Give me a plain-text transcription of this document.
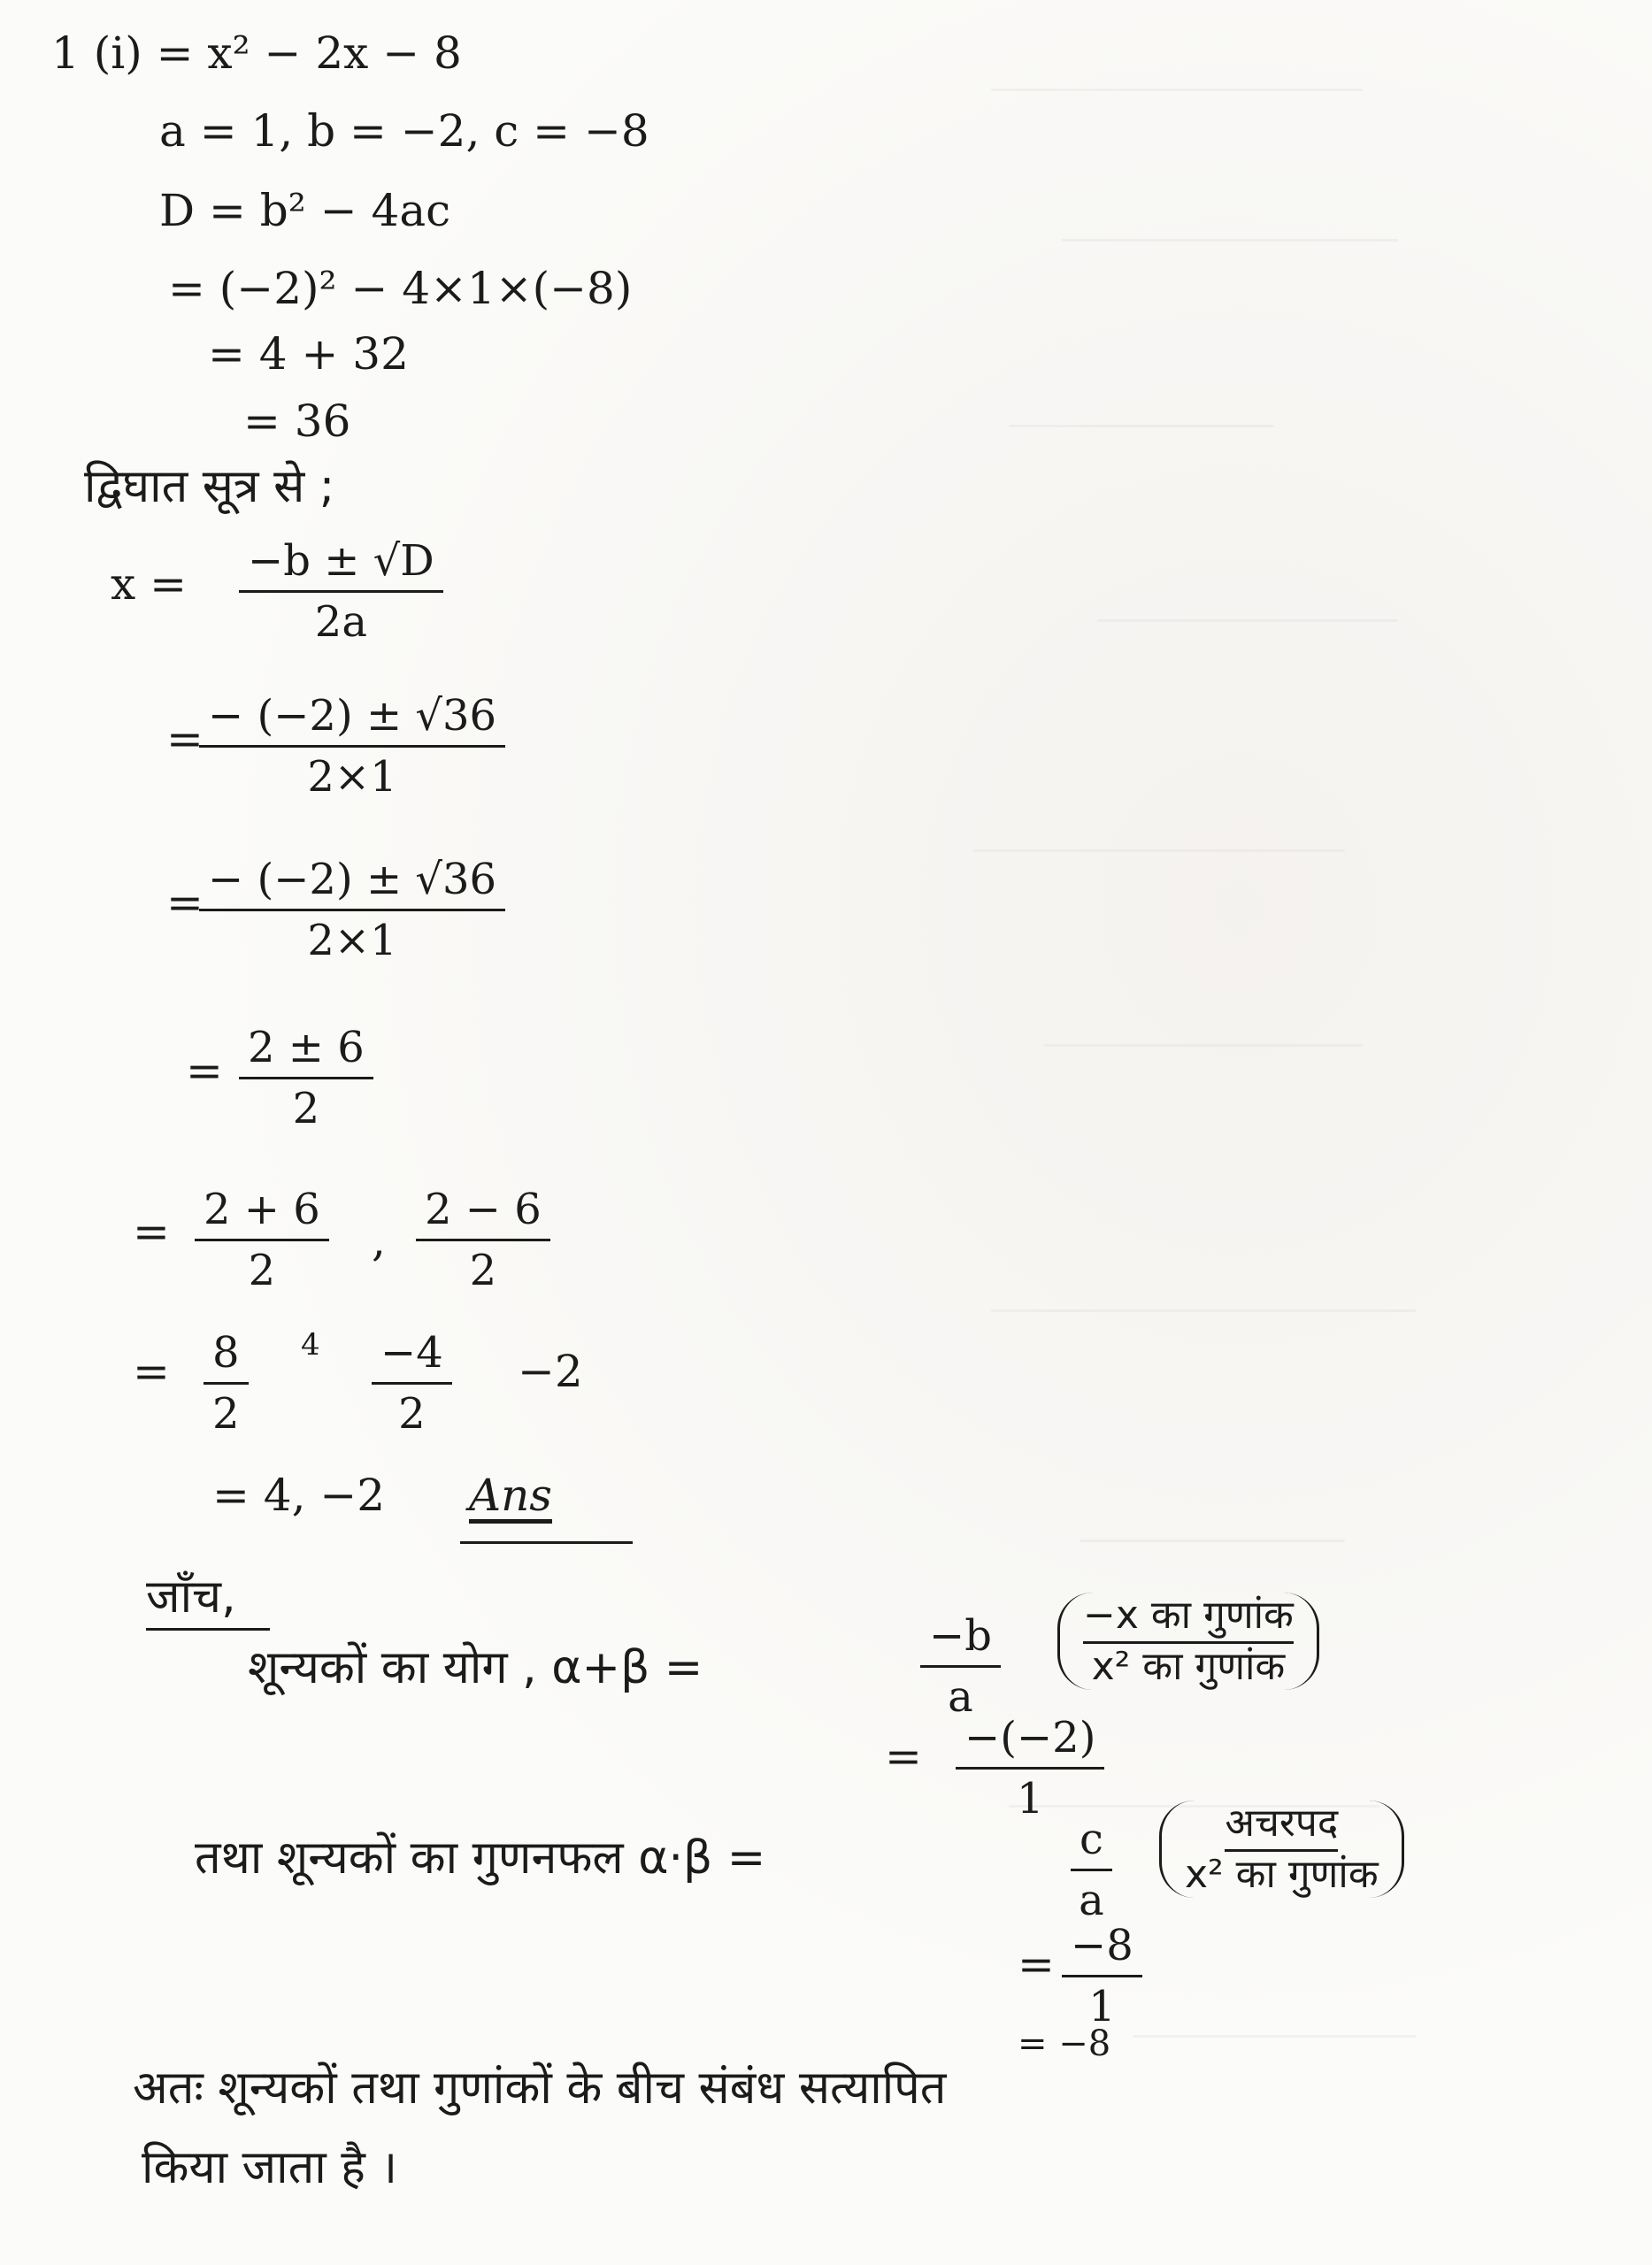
1 (i) = x² − 2x − 8
a = 1, b = −2, c = −8
D = b² − 4ac
= (−2)² − 4×1×(−8)
= 4 + 32
= 36
द्विघात सूत्र से ;
$x = \frac{-b \pm √D}{2a}$
=
$\frac{- (-2) \pm √36}{2\times 1}$
=
$\frac{- (-2) \pm √36}{2\times 1}$
= $\frac{2 \pm 6}{2}$
= $\frac{2 + 6}{2}$ , $\frac{2 - 6}{2}$
= $\frac{8}{2} 4 \frac{-4}{2} -2$
= 4, −2 Ans
जाँच,
शून्यकों का योग , α+β =	$\frac{-b}{a} -x$ का गुणांक
x² का गुणांक
= $\frac{-(-2)}{1}$
तथा शून्यकों का गुणनफल α·β =	$\frac{c}{a}$	अचरपद
x² का गुणांक
= $\frac{-8}{1}$
= −8
अतः शून्यकों तथा गुणांकों के बीच संबंध सत्यापित
किया जाता है ।
